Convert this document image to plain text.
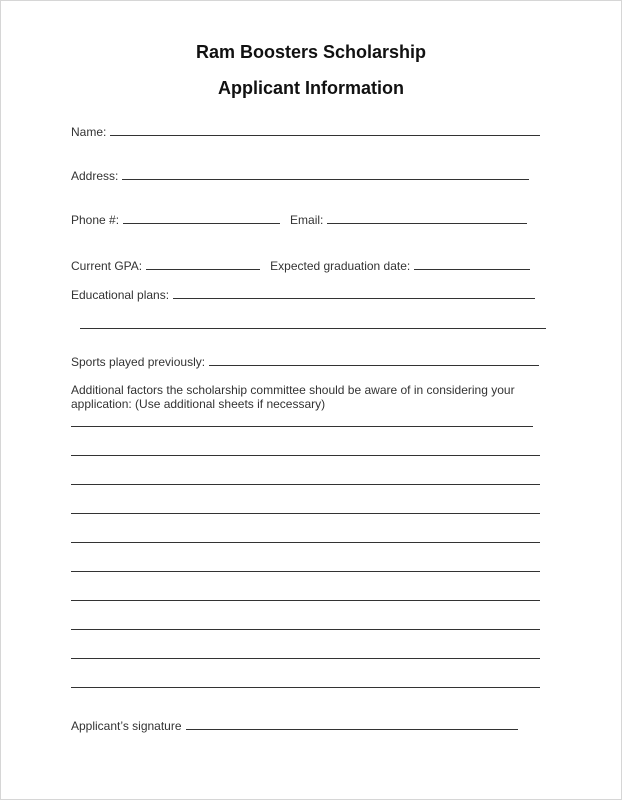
Ram Boosters Scholarship
Applicant Information
Name:
Address:
Phone #:	Email:
Current GPA:	Expected graduation date:
Educational plans:
Sports played previously:
Additional factors the scholarship committee should be aware of in considering your application: (Use additional sheets if necessary)
Applicant’s signature
